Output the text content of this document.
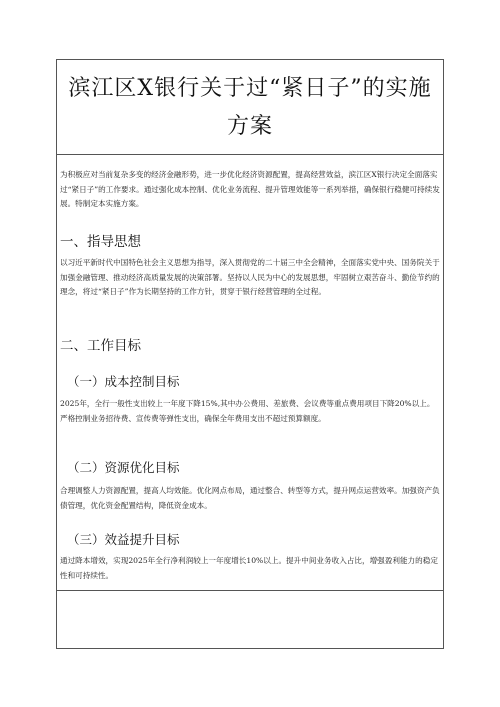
滨江区X银行关于过“紧日子”的实施方案

为积极应对当前复杂多变的经济金融形势，进一步优化经济资源配置，提高经营效益，滨江区X银行决定全面落实过“紧日子”的工作要求。通过强化成本控制、优化业务流程、提升管理效能等一系列举措，确保银行稳健可持续发展。特制定本实施方案。

一、指导思想

以习近平新时代中国特色社会主义思想为指导，深入贯彻党的二十届三中全会精神，全面落实党中央、国务院关于加强金融管理、推动经济高质量发展的决策部署。坚持以人民为中心的发展思想，牢固树立艰苦奋斗、勤俭节约的理念，将过“紧日子”作为长期坚持的工作方针，贯穿于银行经营管理的全过程。

二、工作目标
（一）成本控制目标

2025年，全行一般性支出较上一年度下降15%,其中办公费用、差旅费、会议费等重点费用项目下降20%以上。严格控制业务招待费、宣传费等弹性支出，确保全年费用支出不超过预算额度。

（二）资源优化目标

合理调整人力资源配置，提高人均效能。优化网点布局，通过整合、转型等方式，提升网点运营效率。加强资产负债管理，优化资金配置结构，降低资金成本。

（三）效益提升目标

通过降本增效，实现2025年全行净利润较上一年度增长10%以上。提升中间业务收入占比，增强盈利能力的稳定性和可持续性。
